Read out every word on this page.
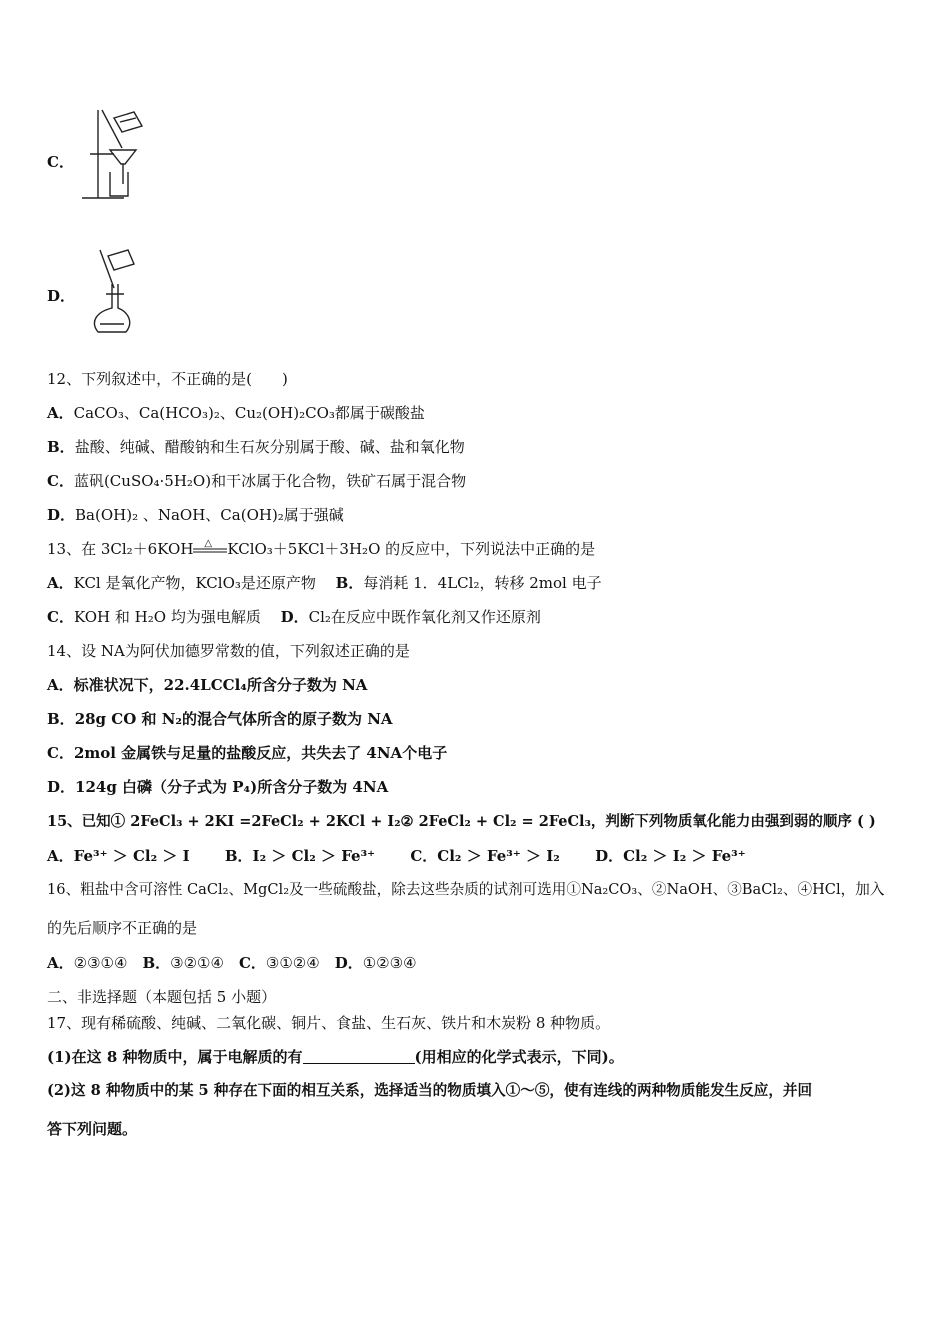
C．
D．
12、下列叙述中，不正确的是(　　)
A．CaCO₃、Ca(HCO₃)₂、Cu₂(OH)₂CO₃都属于碳酸盐
B．盐酸、纯碱、醋酸钠和生石灰分别属于酸、碱、盐和氧化物
C．蓝矾(CuSO₄·5H₂O)和干冰属于化合物，铁矿石属于混合物
D．Ba(OH)₂ 、NaOH、Ca(OH)₂属于强碱
13、在 3Cl₂＋6KOH △ KClO₃＋5KCl＋3H₂O 的反应中，下列说法中正确的是
A．KCl 是氧化产物，KClO₃是还原产物　 B．每消耗 1．4LCl₂，转移 2mol 电子
C．KOH 和 H₂O 均为强电解质　 D．Cl₂在反应中既作氧化剂又作还原剂
14、设 NA为阿伏加德罗常数的值，下列叙述正确的是
A．标准状况下，22.4LCCl₄所含分子数为 NA
B．28g CO 和 N₂的混合气体所含的原子数为 NA
C．2mol 金属铁与足量的盐酸反应，共失去了 4NA个电子
D．124g 白磷（分子式为 P₄)所含分子数为 4NA
15、已知① 2FeCl₃ + 2KI =2FeCl₂ + 2KCl + I₂② 2FeCl₂ + Cl₂ = 2FeCl₃，判断下列物质氧化能力由强到弱的顺序 ( )
A．Fe³⁺ ＞ Cl₂ ＞ I　　 B．I₂ ＞ Cl₂ ＞ Fe³⁺　　 C．Cl₂ ＞ Fe³⁺ ＞ I₂　　 D．Cl₂ ＞ I₂ ＞ Fe³⁺
16、粗盐中含可溶性 CaCl₂、MgCl₂及一些硫酸盐，除去这些杂质的试剂可选用①Na₂CO₃、②NaOH、③BaCl₂、④HCl，加入
的先后顺序不正确的是
A．②③①④　 B．③②①④　 C．③①②④　 D．①②③④
二、非选择题（本题包括 5 小题）
17、现有稀硫酸、纯碱、二氧化碳、铜片、食盐、生石灰、铁片和木炭粉 8 种物质。
(1)在这 8 种物质中，属于电解质的有	(用相应的化学式表示，下同)。
(2)这 8 种物质中的某 5 种存在下面的相互关系，选择适当的物质填入①～⑤，使有连线的两种物质能发生反应，并回
答下列问题。
